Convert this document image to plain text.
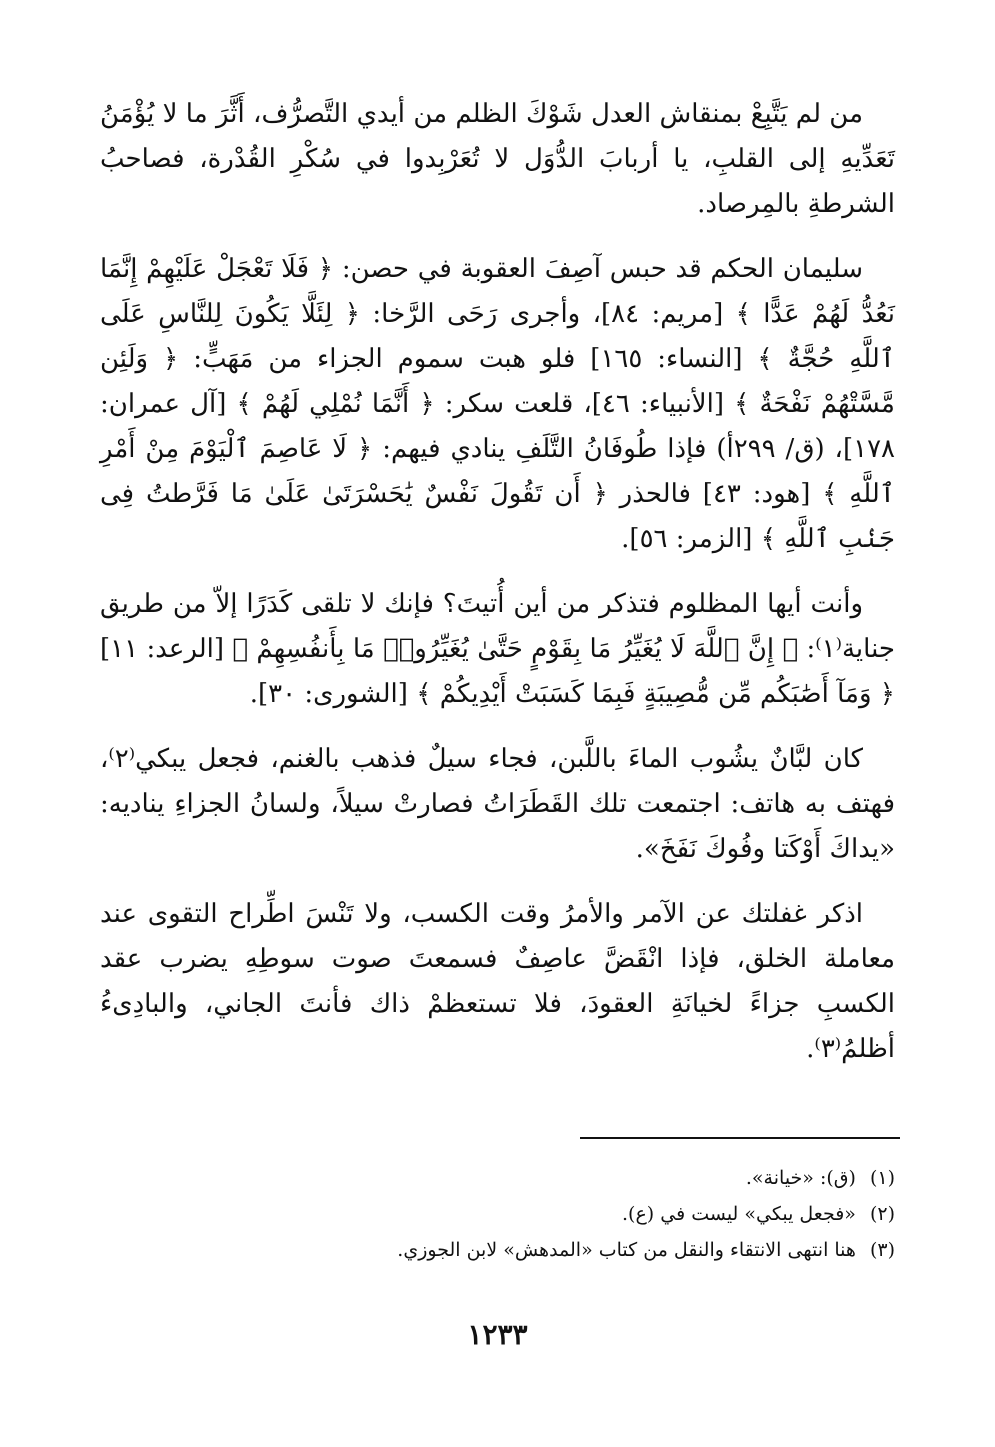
من لم يَتَّبِعْ بمنقاش العدل شَوْكَ الظلم من أيدي التَّصرُّف، أَثَّرَ ما لا يُؤْمَنُ تَعَدِّيهِ إلى القلبِ، يا أربابَ الدُّوَل لا تُعَرْبِدوا في سُكْرِ القُدْرة، فصاحبُ الشرطةِ بالمِرصاد.

سليمان الحكم قد حبس آصِفَ العقوبة في حصن: ﴿ فَلَا تَعْجَلْ عَلَيْهِمْ إِنَّمَا نَعُدُّ لَهُمْ عَدًّا ﴾ [مريم: ٨٤]، وأجرى رَحَى الرَّخا: ﴿ لِئَلَّا يَكُونَ لِلنَّاسِ عَلَى ٱللَّهِ حُجَّةٌ ﴾ [النساء: ١٦٥] فلو هبت سموم الجزاء من مَهَبٍّ: ﴿ وَلَئِن مَّسَّتْهُمْ نَفْحَةٌ ﴾ [الأنبياء: ٤٦]، قلعت سكر: ﴿ أَنَّمَا نُمْلِي لَهُمْ ﴾ [آل عمران: ١٧٨]، (ق/ ٢٩٩أ) فإذا طُوفَانُ التَّلَفِ ينادي فيهم: ﴿ لَا عَاصِمَ ٱلْيَوْمَ مِنْ أَمْرِ ٱللَّهِ ﴾ [هود: ٤٣] فالحذر ﴿ أَن تَقُولَ نَفْسٌ يَٰحَسْرَتَىٰ عَلَىٰ مَا فَرَّطتُ فِى جَنۢبِ ٱللَّهِ ﴾ [الزمر: ٥٦].

وأنت أيها المظلوم فتذكر من أين أُتيتَ؟ فإنك لا تلقى كَدَرًا إلاّ من طريق جناية⁽١⁾: ﴿ إِنَّ ٱللَّهَ لَا يُغَيِّرُ مَا بِقَوْمٍ حَتَّىٰ يُغَيِّرُوا۟ مَا بِأَنفُسِهِمْ ﴾ [الرعد: ١١] ﴿ وَمَآ أَصَٰبَكُم مِّن مُّصِيبَةٍ فَبِمَا كَسَبَتْ أَيْدِيكُمْ ﴾ [الشورى: ٣٠].

كان لبَّانٌ يشُوب الماءَ باللَّبن، فجاء سيلٌ فذهب بالغنم، فجعل يبكي⁽٢⁾، فهتف به هاتف: اجتمعت تلك القَطَرَاتُ فصارتْ سيلاً، ولسانُ الجزاءِ يناديه: «يداكَ أَوْكَتا وفُوكَ نَفَخَ».

اذكر غفلتك عن الآمر والأمرُ وقت الكسب، ولا تَنْسَ اطِّراح التقوى عند معاملة الخلق، فإذا انْقَضَّ عاصِفٌ فسمعتَ صوت سوطِهِ يضرب عقد الكسبِ جزاءً لخيانَةِ العقودَ، فلا تستعظمْ ذاك فأنتَ الجاني، والبادِىءُ أظلمُ⁽٣⁾.

(١)(ق): «خيانة».

(٢)«فجعل يبكي» ليست في (ع).

(٣)هنا انتهى الانتقاء والنقل من كتاب «المدهش» لابن الجوزي.

١٢٣٣
